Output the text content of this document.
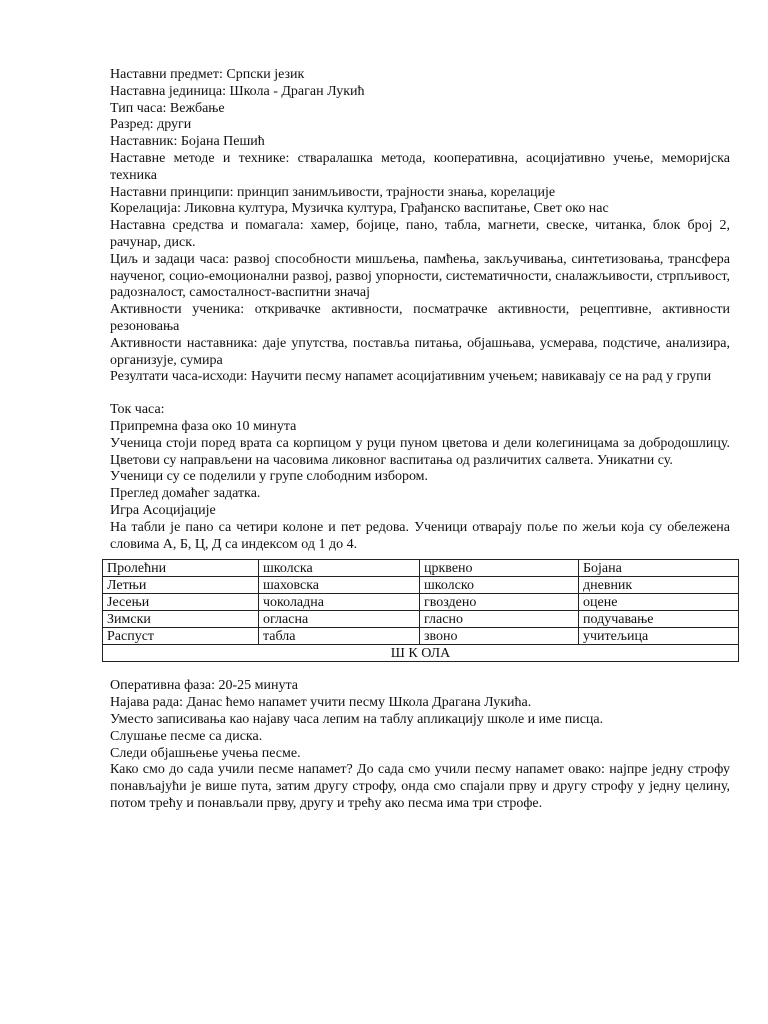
Наставни предмет: Српски језик

Наставна јединица: Школа - Драган Лукић

Тип часа: Вежбање

Разред: други

Наставник: Бојана Пешић

Наставне методе и технике: стваралашка метода, кооперативна, асоцијативно учење, меморијска техника

Наставни принципи: принцип занимљивости, трајности знања, корелације

Корелација: Ликовна култура, Музичка култура, Грађанско васпитање, Свет око нас

Наставна средства и помагала: хамер, бојице, пано, табла, магнети, свеске, читанка, блок број 2, рачунар, диск.

Циљ и задаци часа: развој способности мишљења, памћења, закључивања, синтетизовања, трансфера наученог, социо-емоционални развој, развој упорности, систематичности, сналажљивости, стрпљивост, радозналост, самосталност-васпитни значај

Активности ученика: откривачке активности, посматрачке активности, рецептивне, активности резоновања

Активности наставника: даје упутства, поставља питања, објашњава, усмерава, подстиче, анализира, организује, сумира

Резултати часа-исходи: Научити песму напамет асоцијативним учењем; навикавају се на рад у групи

Ток часа:

Припремна фаза око 10 минута

Ученица стоји поред врата са корпицом у руци пуном цветова и дели колегиницама за добродошлицу. Цветови су направљени на часовима ликовног васпитања од различитих салвета. Уникатни су.

Ученици су се поделили у групе слободним избором.

Преглед домаћег задатка.

Игра Асоцијације

На табли је пано са четири колоне и пет редова. Ученици отварају поље по жељи која су обележена словима А, Б, Ц, Д са индексом од 1 до 4.

Пролећни	школска	црквено	Бојана
Летњи	шаховска	школско	дневник
Јесењи	чоколадна	гвоздено	оцене
Зимски	огласна	гласно	подучавање
Распуст	табла	звоно	учитељица
Ш К ОЛА			

Оперативна фаза: 20-25 минута

Најава рада: Данас ћемо напамет учити песму Школа Драгана Лукића.

Уместо записивања као најаву часа лепим на таблу апликацију школе и име писца.

Слушање песме са диска.

Следи објашњење учења песме.

Како смо до сада учили песме напамет? До сада смо учили песму напамет овако: најпре једну строфу понављајући је више пута, затим другу строфу, онда смо спајали прву и другу строфу у једну целину, потом трећу и понављали прву, другу и трећу ако песма има три строфе.
